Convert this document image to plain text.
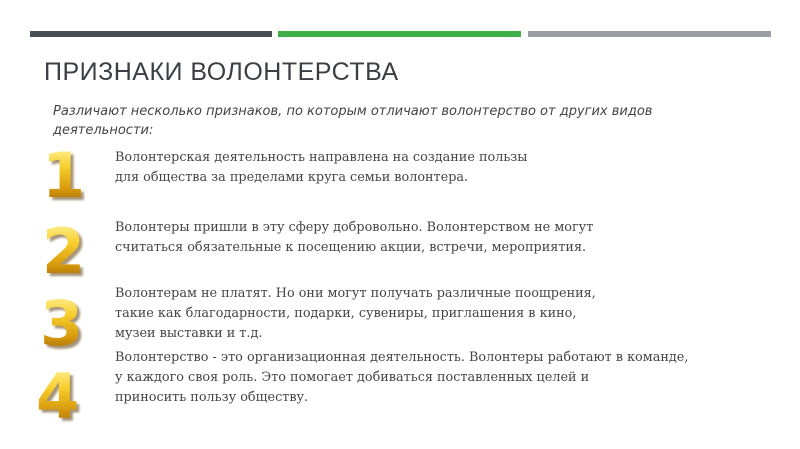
ПРИЗНАКИ ВОЛОНТЕРСТВА
Различают несколько признаков, по которым отличают волонтерство от других видов деятельности:
1 Волонтерская деятельность направлена на создание пользы
для общества за пределами круга семьи волонтера.
2 Волонтеры пришли в эту сферу добровольно. Волонтерством не могут
считаться обязательные к посещению акции, встречи, мероприятия.
3 Волонтерам не платят. Но они могут получать различные поощрения,
такие как благодарности, подарки, сувениры, приглашения в кино,
музеи выставки и т.д.
4
Волонтерство - это организационная деятельность. Волонтеры работают в команде,
у каждого своя роль. Это помогает добиваться поставленных целей и
приносить пользу обществу.
